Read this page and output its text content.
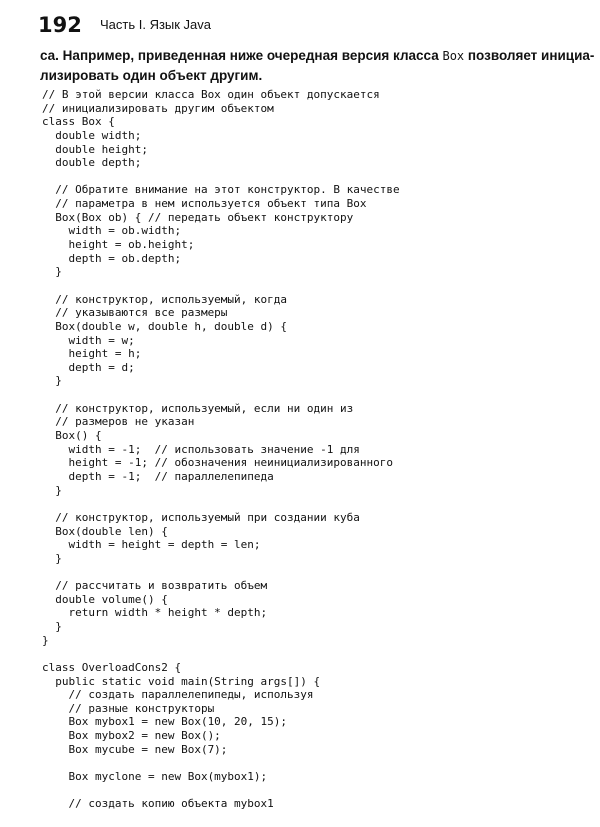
192 Часть I. Язык Java
са. Например, приведенная ниже очередная версия класса Box позволяет инициа-
лизировать один объект другим.
// В этой версии класса Box один объект допускается
// инициализировать другим объектом
class Box {
double width;
double height;
double depth;
// Обратите внимание на этот конструктор. В качестве
// параметра в нем используется объект типа Box
Box(Box ob) { // передать объект конструктору
width = ob.width;
height = ob.height;
depth = ob.depth;
}
// конструктор, используемый, когда
// указываются все размеры
Box(double w, double h, double d) {
width = w;
height = h;
depth = d;
}
// конструктор, используемый, если ни один из
// размеров не указан
Box() {
width = -1;  // использовать значение -1 для
height = -1; // обозначения неинициализированного
depth = -1;  // параллелепипеда
}
// конструктор, используемый при создании куба
Box(double len) {
width = height = depth = len;
}
// рассчитать и возвратить объем
double volume() {
return width * height * depth;
}
}
class OverloadCons2 {
public static void main(String args[]) {
// создать параллелепипеды, используя
// разные конструкторы
Box mybox1 = new Box(10, 20, 15);
Box mybox2 = new Box();
Box mycube = new Box(7);
Box myclone = new Box(mybox1);
// создать копию объекта mybox1
